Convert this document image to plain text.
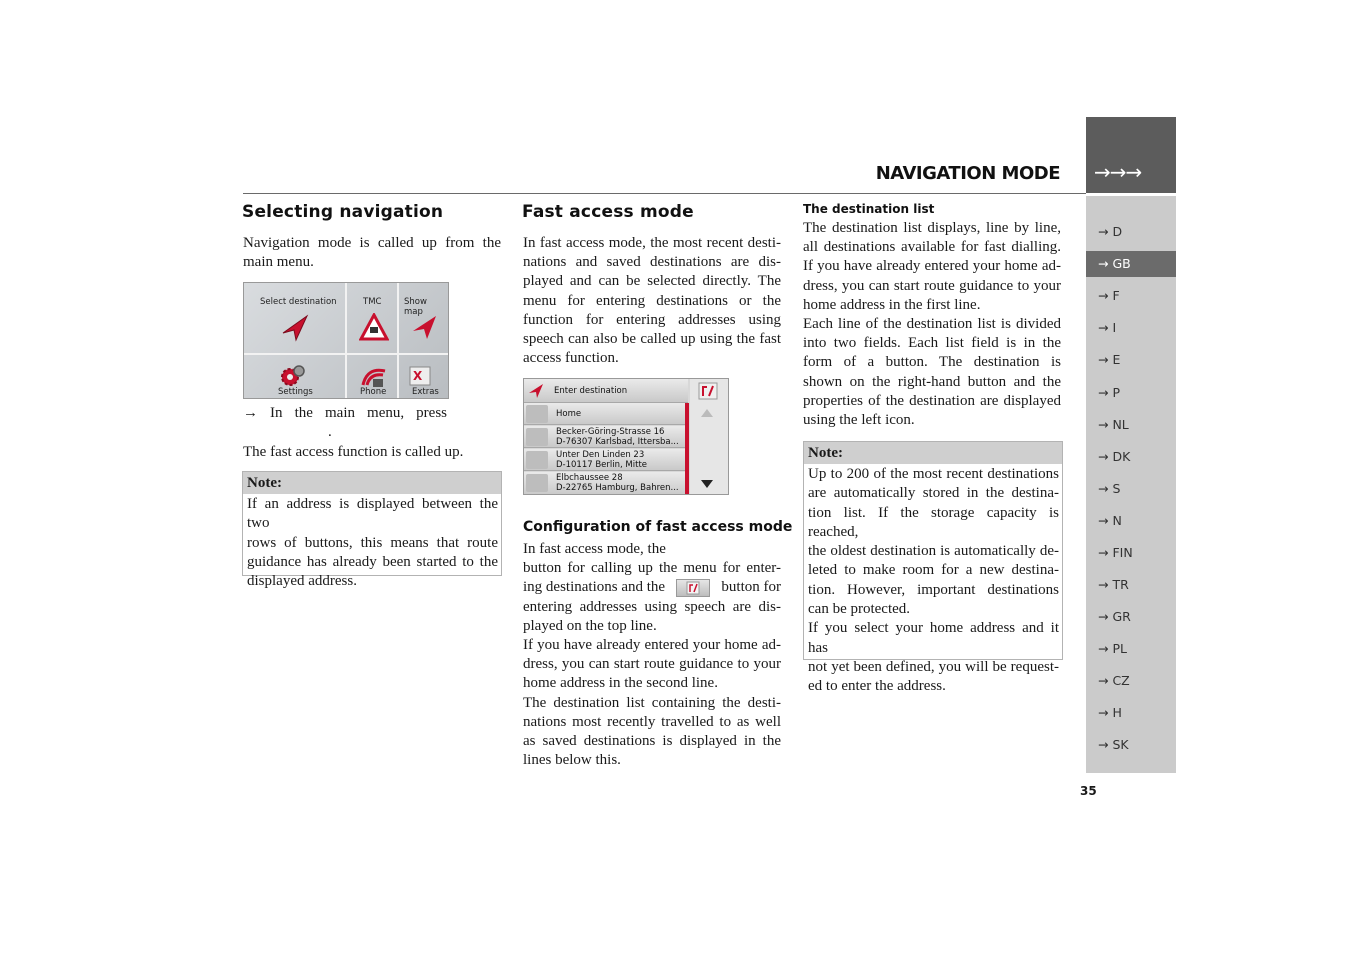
NAVIGATION MODE →→→
→ D
→ GB
→ F
→ I
→ E
→ P
→ NL
→ DK
→ S
→ N
→ FIN
→ TR
→ GR
→ PL
→ CZ
→ H
→ SK
35
Selecting navigation
Navigation mode is called up from the
main menu.
Select destination	TMC	Show map
X
Settings	Phone	Extras
→ In the main menu, press
.
The fast access function is called up.
Note:
If an address is displayed between the two
rows of buttons, this means that route
guidance has already been started to the
displayed address.
Fast access mode
In fast access mode, the most recent desti-
nations and saved destinations are dis-
played and can be selected directly. The
menu for entering destinations or the
function for entering addresses using
speech can also be called up using the fast
access function.
Enter destination
Home
Becker-Göring-Strasse 16
D-76307 Karlsbad, Ittersba...
Unter Den Linden 23
D-10117 Berlin, Mitte
Elbchaussee 28
D-22765 Hamburg, Bahren...
Configuration of fast access mode
In fast access mode, the
button for calling up the menu for enter-
ing destinations and the	button for
entering addresses using speech are dis-
played on the top line.
If you have already entered your home ad-
dress, you can start route guidance to your
home address in the second line.
The destination list containing the desti-
nations most recently travelled to as well
as saved destinations is displayed in the
lines below this.
The destination list
The destination list displays, line by line,
all destinations available for fast dialling.
If you have already entered your home ad-
dress, you can start route guidance to your
home address in the first line.
Each line of the destination list is divided
into two fields. Each list field is in the
form of a button. The destination is
shown on the right-hand button and the
properties of the destination are displayed
using the left icon.
Note:
Up to 200 of the most recent destinations
are automatically stored in the destina-
tion list. If the storage capacity is reached,
the oldest destination is automatically de-
leted to make room for a new destina-
tion. However, important destinations
can be protected.
If you select your home address and it has
not yet been defined, you will be request-
ed to enter the address.
